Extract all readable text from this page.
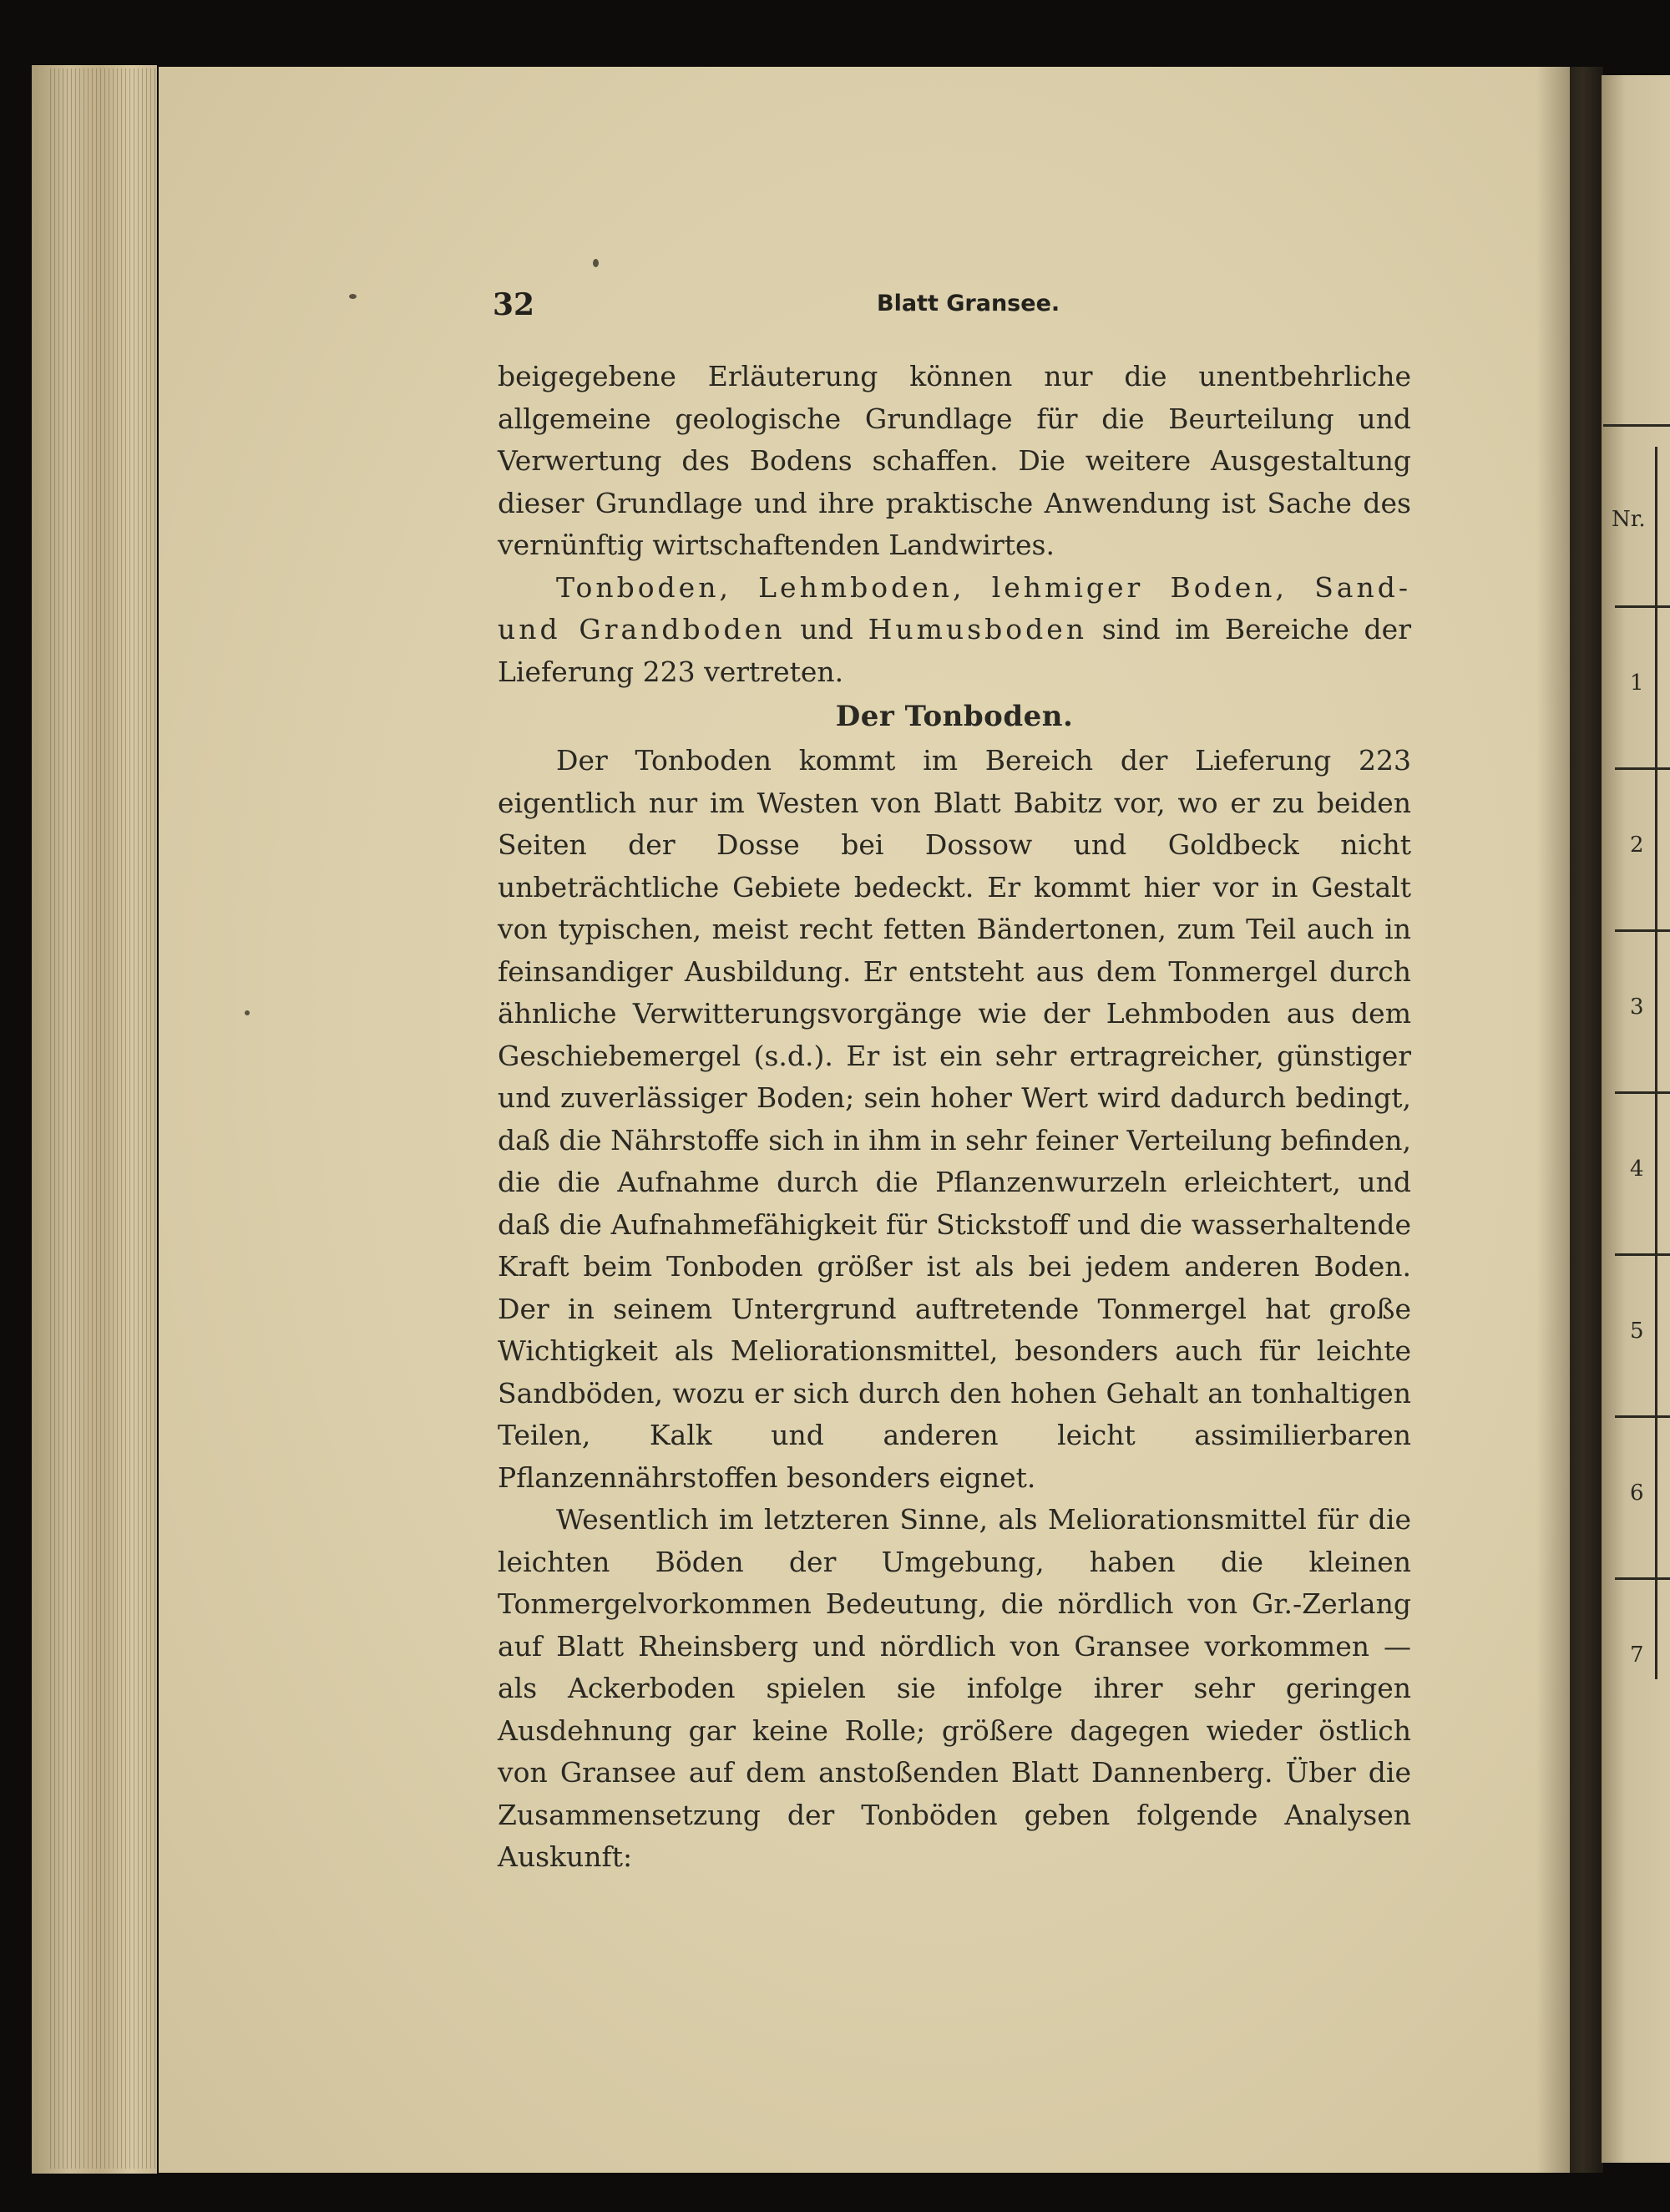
32	Blatt Gransee.

beigegebene Erläuterung können nur die unentbehrliche allgemeine geologische Grundlage für die Beurteilung und Verwertung des Bodens schaffen. Die weitere Ausgestaltung dieser Grundlage und ihre praktische Anwendung ist Sache des vernünftig wirtschaftenden Landwirtes.

Tonboden, Lehmboden, lehmiger Boden, Sand- und Grandboden und Humusboden sind im Bereiche der Lieferung 223 vertreten.

Der Tonboden.

Der Tonboden kommt im Bereich der Lieferung 223 eigentlich nur im Westen von Blatt Babitz vor, wo er zu beiden Seiten der Dosse bei Dossow und Goldbeck nicht unbeträchtliche Gebiete bedeckt. Er kommt hier vor in Gestalt von typischen, meist recht fetten Bändertonen, zum Teil auch in feinsandiger Ausbildung. Er entsteht aus dem Tonmergel durch ähnliche Verwitterungsvorgänge wie der Lehmboden aus dem Geschiebemergel (s.d.). Er ist ein sehr ertragreicher, günstiger und zuverlässiger Boden; sein hoher Wert wird dadurch bedingt, daß die Nährstoffe sich in ihm in sehr feiner Verteilung befinden, die die Aufnahme durch die Pflanzenwurzeln erleichtert, und daß die Aufnahmefähigkeit für Stickstoff und die wasserhaltende Kraft beim Tonboden größer ist als bei jedem anderen Boden. Der in seinem Untergrund auftretende Tonmergel hat große Wichtigkeit als Meliorationsmittel, besonders auch für leichte Sandböden, wozu er sich durch den hohen Gehalt an tonhaltigen Teilen, Kalk und anderen leicht assimilierbaren Pflanzennährstoffen besonders eignet.

Wesentlich im letzteren Sinne, als Meliorationsmittel für die leichten Böden der Umgebung, haben die kleinen Tonmergelvorkommen Bedeutung, die nördlich von Gr.-Zerlang auf Blatt Rheinsberg und nördlich von Gransee vorkommen — als Ackerboden spielen sie infolge ihrer sehr geringen Ausdehnung gar keine Rolle; größere dagegen wieder östlich von Gransee auf dem anstoßenden Blatt Dannenberg. Über die Zusammensetzung der Tonböden geben folgende Analysen Auskunft:

Nr.
1
2
3
4
5
6
7
